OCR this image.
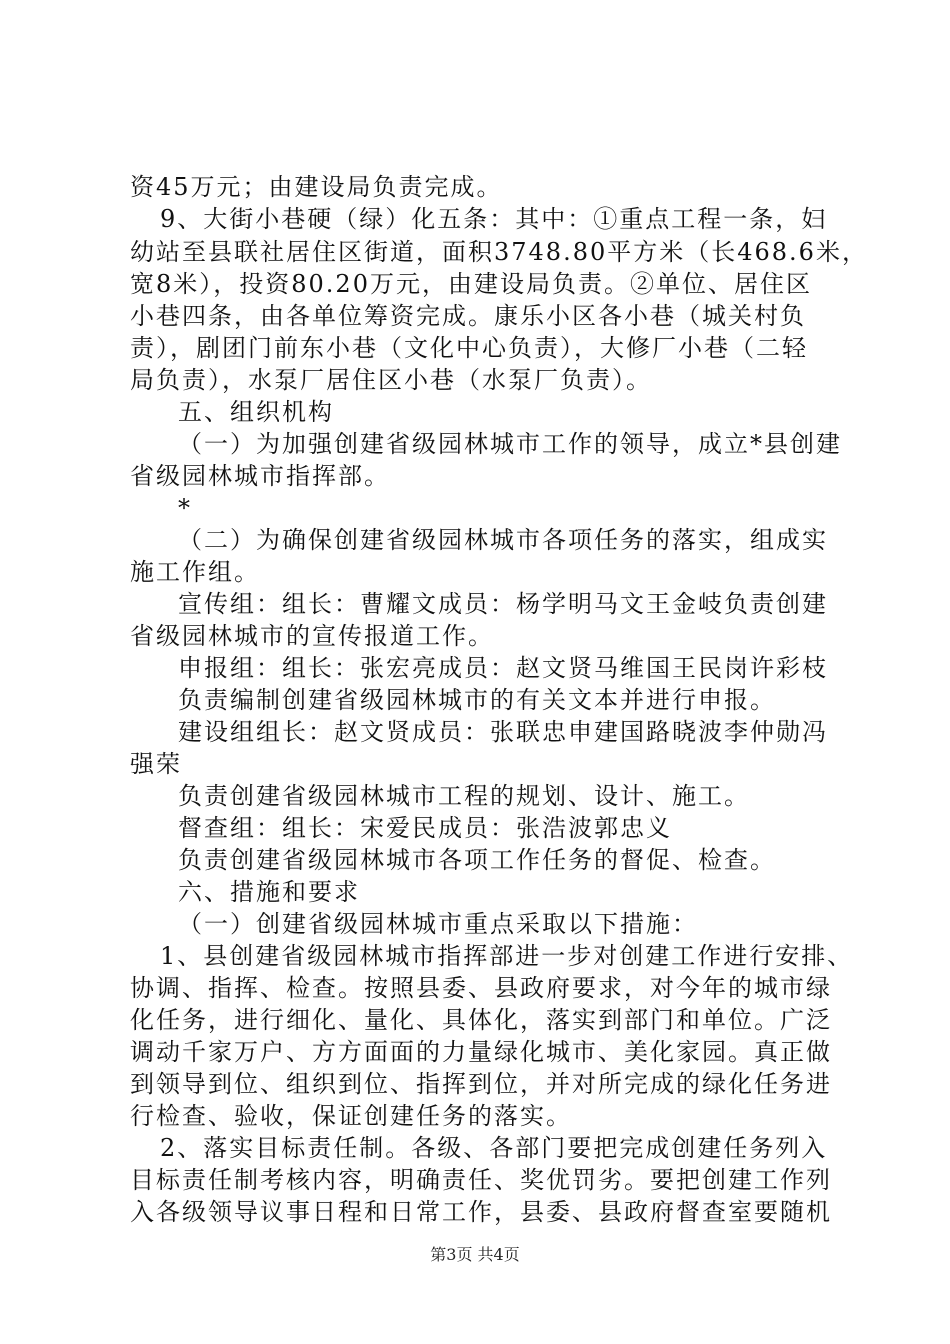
资45万元；由建设局负责完成。
9、大街小巷硬（绿）化五条：其中：①重点工程一条，妇
幼站至县联社居住区街道，面积3748.80平方米（长468.6米，
宽8米），投资80.20万元，由建设局负责。②单位、居住区
小巷四条，由各单位筹资完成。康乐小区各小巷（城关村负
责），剧团门前东小巷（文化中心负责），大修厂小巷（二轻
局负责），水泵厂居住区小巷（水泵厂负责）。
五、组织机构
（一）为加强创建省级园林城市工作的领导，成立*县创建
省级园林城市指挥部。
*
（二）为确保创建省级园林城市各项任务的落实，组成实
施工作组。
宣传组：组长：曹耀文成员：杨学明马文王金岐负责创建
省级园林城市的宣传报道工作。
申报组：组长：张宏亮成员：赵文贤马维国王民岗许彩枝
负责编制创建省级园林城市的有关文本并进行申报。
建设组组长：赵文贤成员：张联忠申建国路晓波李仲勋冯
强荣
负责创建省级园林城市工程的规划、设计、施工。
督查组：组长：宋爱民成员：张浩波郭忠义
负责创建省级园林城市各项工作任务的督促、检查。
六、措施和要求
（一）创建省级园林城市重点采取以下措施：
1、县创建省级园林城市指挥部进一步对创建工作进行安排、
协调、指挥、检查。按照县委、县政府要求，对今年的城市绿
化任务，进行细化、量化、具体化，落实到部门和单位。广泛
调动千家万户、方方面面的力量绿化城市、美化家园。真正做
到领导到位、组织到位、指挥到位，并对所完成的绿化任务进
行检查、验收，保证创建任务的落实。
2、落实目标责任制。各级、各部门要把完成创建任务列入
目标责任制考核内容，明确责任、奖优罚劣。要把创建工作列
入各级领导议事日程和日常工作，县委、县政府督查室要随机
第3页 共4页
